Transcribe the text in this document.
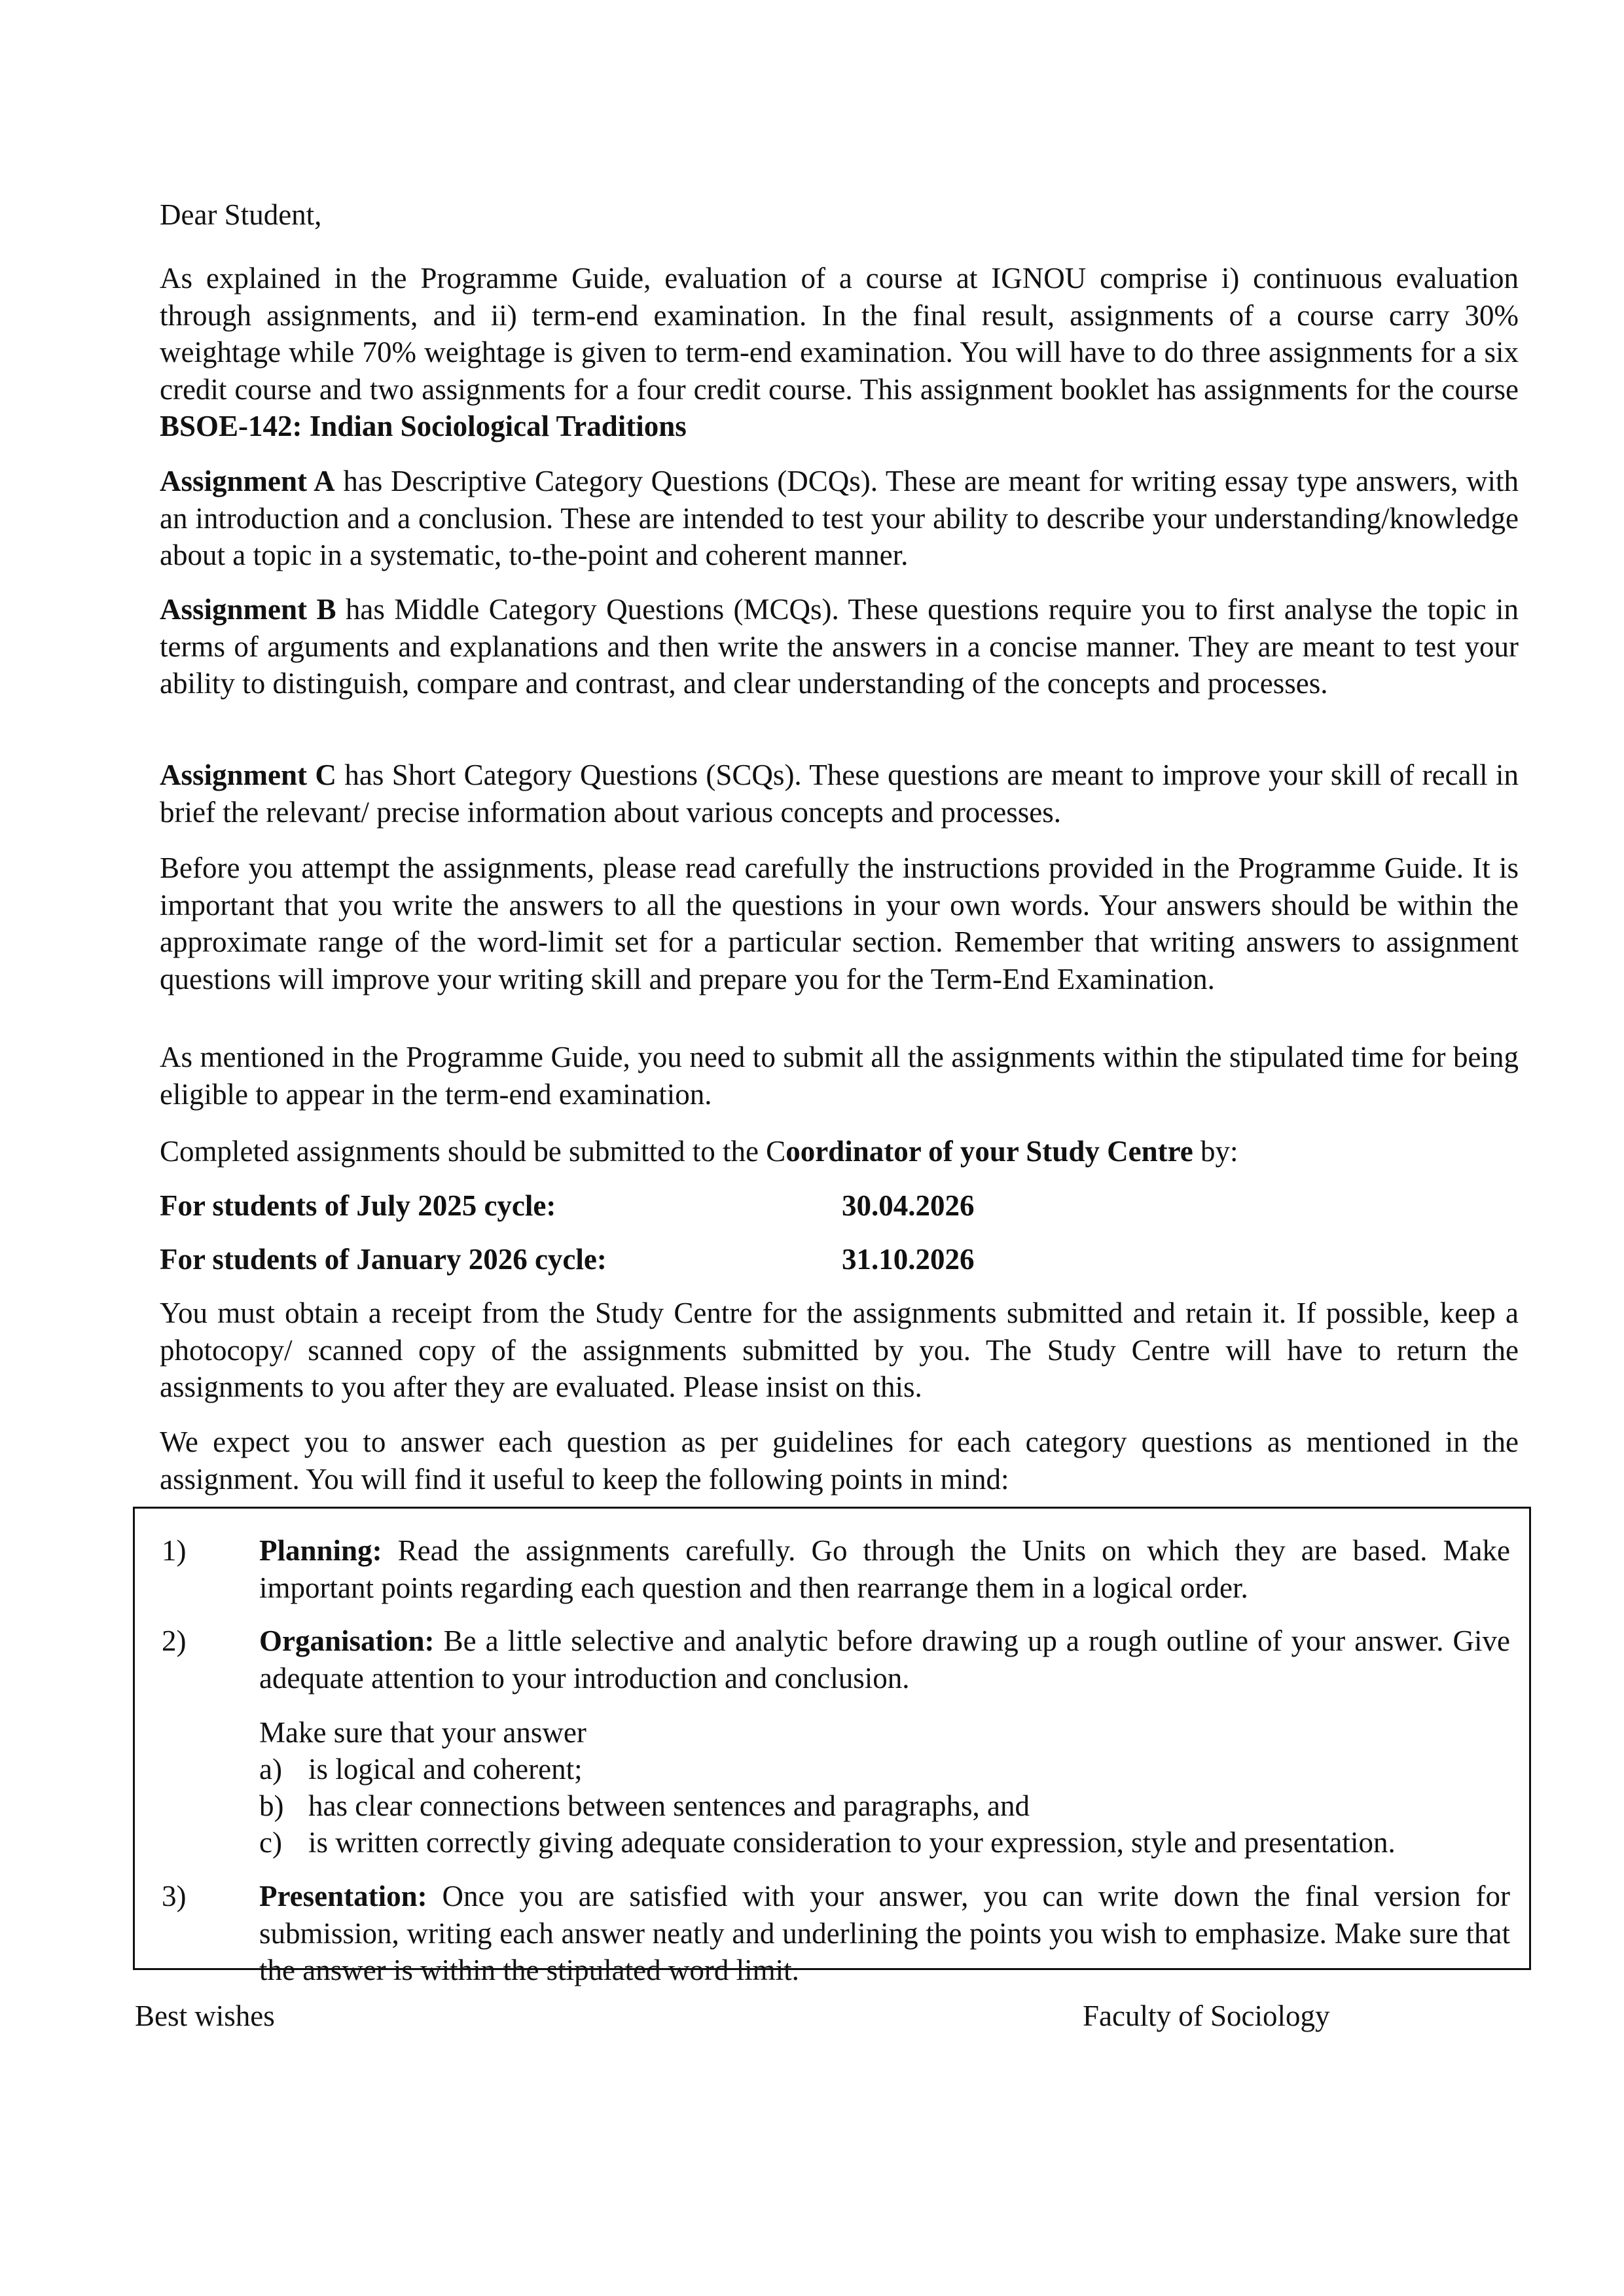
Dear Student,

As explained in the Programme Guide, evaluation of a course at IGNOU comprise i) continuous evaluation through assignments, and ii) term-end examination. In the final result, assignments of a course carry 30% weightage while 70% weightage is given to term-end examination. You will have to do three assignments for a six credit course and two assignments for a four credit course. This assignment booklet has assignments for the course BSOE-142: Indian Sociological Traditions

Assignment A has Descriptive Category Questions (DCQs). These are meant for writing essay type answers, with an introduction and a conclusion. These are intended to test your ability to describe your understanding/knowledge about a topic in a systematic, to-the-point and coherent manner.

Assignment B has Middle Category Questions (MCQs). These questions require you to first analyse the topic in terms of arguments and explanations and then write the answers in a concise manner. They are meant to test your ability to distinguish, compare and contrast, and clear understanding of the concepts and processes.

Assignment C has Short Category Questions (SCQs). These questions are meant to improve your skill of recall in brief the relevant/ precise information about various concepts and processes.

Before you attempt the assignments, please read carefully the instructions provided in the Programme Guide. It is important that you write the answers to all the questions in your own words. Your answers should be within the approximate range of the word-limit set for a particular section. Remember that writing answers to assignment questions will improve your writing skill and prepare you for the Term-End Examination.

As mentioned in the Programme Guide, you need to submit all the assignments within the stipulated time for being eligible to appear in the term-end examination.

Completed assignments should be submitted to the Coordinator of your Study Centre by:

For students of July 2025 cycle:	30.04.2026
For students of January 2026 cycle:	31.10.2026

You must obtain a receipt from the Study Centre for the assignments submitted and retain it. If possible, keep a photocopy/ scanned copy of the assignments submitted by you. The Study Centre will have to return the assignments to you after they are evaluated. Please insist on this.

We expect you to answer each question as per guidelines for each category questions as mentioned in the assignment. You will find it useful to keep the following points in mind:

1) Planning: Read the assignments carefully. Go through the Units on which they are based. Make important points regarding each question and then rearrange them in a logical order.

2) Organisation: Be a little selective and analytic before drawing up a rough outline of your answer. Give adequate attention to your introduction and conclusion.

Make sure that your answer

a) is logical and coherent;
b) has clear connections between sentences and paragraphs, and
c) is written correctly giving adequate consideration to your expression, style and presentation.
3) Presentation: Once you are satisfied with your answer, you can write down the final version for submission, writing each answer neatly and underlining the points you wish to emphasize. Make sure that the answer is within the stipulated word limit.

Best wishes	Faculty of Sociology
